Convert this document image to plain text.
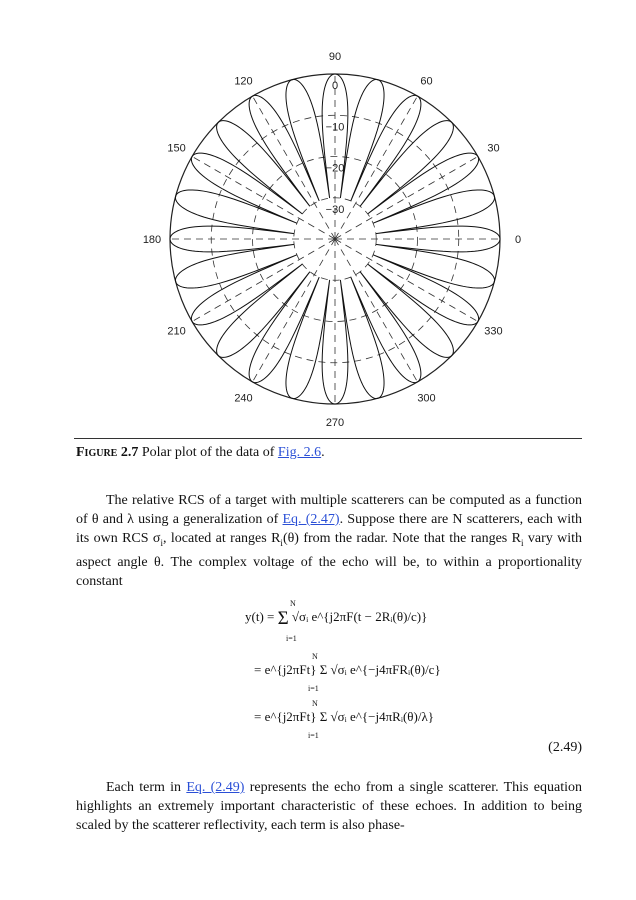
90
60
30
0
330
300
270
240
210
180
150
120	0
−10
−20
−30
Figure 2.7 Polar plot of the data of Fig. 2.6.
The relative RCS of a target with multiple scatterers can be computed as a function of θ and λ using a generalization of Eq. (2.47). Suppose there are N scatterers, each with its own RCS $\sigma_i$, located at ranges $R_i(\theta)$ from the radar. Note that the ranges $R_i$ vary with aspect angle θ. The complex voltage of the echo will be, to within a proportionality constant
y(t) = Σ √σᵢ e^{j2πF(t − 2Rᵢ(θ)/c)}
N
i=1
= e^{j2πFt} Σ √σᵢ e^{−j4πFRᵢ(θ)/c}
N
i=1
= e^{j2πFt} Σ √σᵢ e^{−j4πRᵢ(θ)/λ}
N
i=1
(2.49)
Each term in Eq. (2.49) represents the echo from a single scatterer. This equation highlights an extremely important characteristic of these echoes. In addition to being scaled by the scatterer reflectivity, each term is also phase-
